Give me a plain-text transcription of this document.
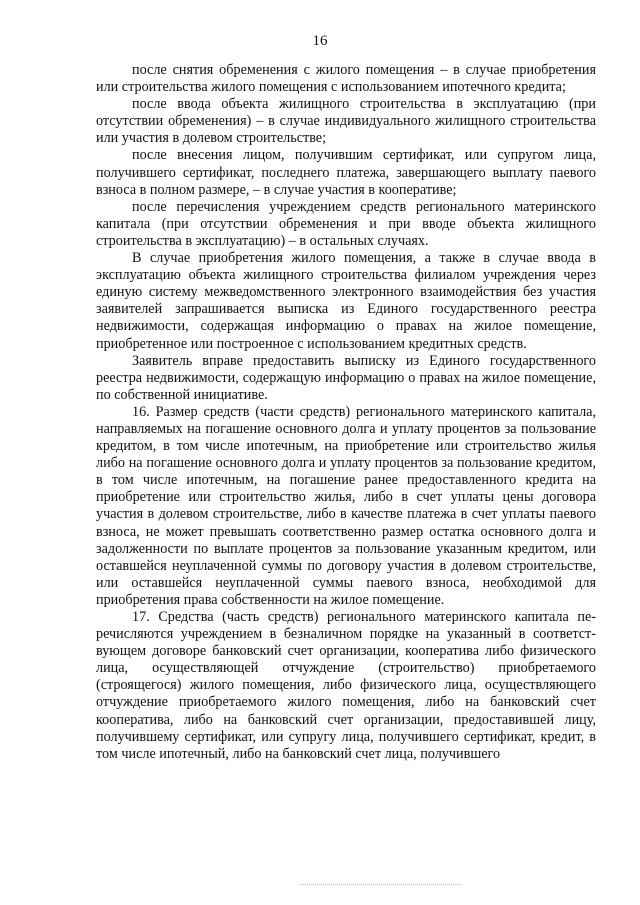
16

после снятия обременения с жилого помещения – в случае приобретения или строительства жилого помещения с использованием ипотечного кредита;

после ввода объекта жилищного строительства в эксплуатацию (при отсутствии обременения) – в случае индивидуального жилищного строительства или участия в долевом строительстве;

после внесения лицом, получившим сертификат, или супругом лица, получившего сертификат, последнего платежа, завершающего выплату паевого взноса в полном размере, – в случае участия в кооперативе;

после перечисления учреждением средств регионального материнского капитала (при отсутствии обременения и при вводе объекта жилищного строительства в эксплуатацию) – в остальных случаях.

В случае приобретения жилого помещения, а также в случае ввода в эксплуатацию объекта жилищного строительства филиалом учреждения через единую систему межведомственного электронного взаимодействия без участия заявителей запрашивается выписка из Единого государственного реестра недвижимости, содержащая информацию о правах на жилое помещение, приобретенное или построенное с использованием кредитных средств.

Заявитель вправе предоставить выписку из Единого государственного реестра недвижимости, содержащую информацию о правах на жилое помещение, по собственной инициативе.

16. Размер средств (части средств) регионального материнского капитала, направляемых на погашение основного долга и уплату процентов за пользование кредитом, в том числе ипотечным, на приобретение или строительство жилья либо на погашение основного долга и уплату процентов за пользование кредитом, в том числе ипотечным, на погашение ранее предоставленного кредита на приобретение или строительство жилья, либо в счет уплаты цены договора участия в долевом строительстве, либо в качестве платежа в счет уплаты паевого взноса, не может превышать соответственно размер остатка основного долга и задолженности по выплате процентов за пользование указанным кредитом, или оставшейся неуплаченной суммы по договору участия в долевом строительстве, или оставшейся неуплаченной суммы паевого взноса, необходимой для приобретения права собственности на жилое помещение.

17. Средства (часть средств) регионального материнского капитала перечисляются учреждением в безналичном порядке на указанный в соответствующем договоре банковский счет организации, кооператива либо физического лица, осуществляющей отчуждение (строительство) приобретаемого (строящегося) жилого помещения, либо физического лица, осуществляющего отчуждение приобретаемого жилого помещения, либо на банковский счет кооператива, либо на банковский счет организации, предоставившей лицу, получившему сертификат, или супругу лица, получившего сертификат, кредит, в том числе ипотечный, либо на банковский счет лица, получившего
